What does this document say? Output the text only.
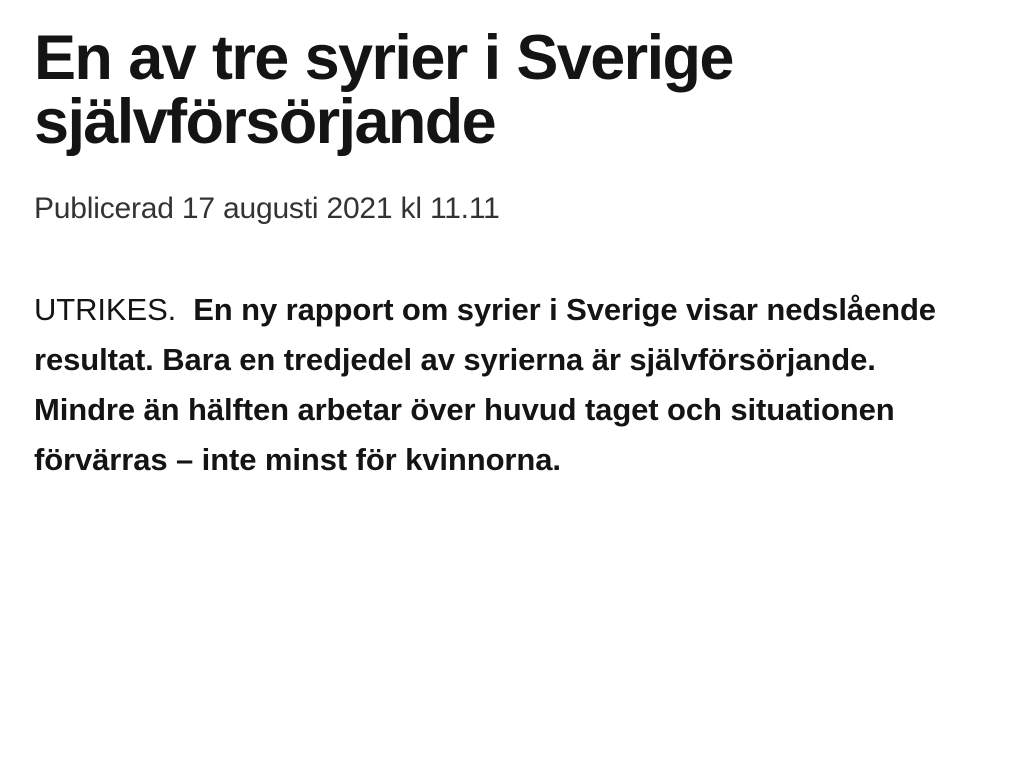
En av tre syrier i Sverige självförsörjande
Publicerad 17 augusti 2021 kl 11.11

UTRIKES. En ny rapport om syrier i Sverige visar nedslående resultat. Bara en tredjedel av syrierna är självförsörjande. Mindre än hälften arbetar över huvud taget och situationen förvärras – inte minst för kvinnorna.
